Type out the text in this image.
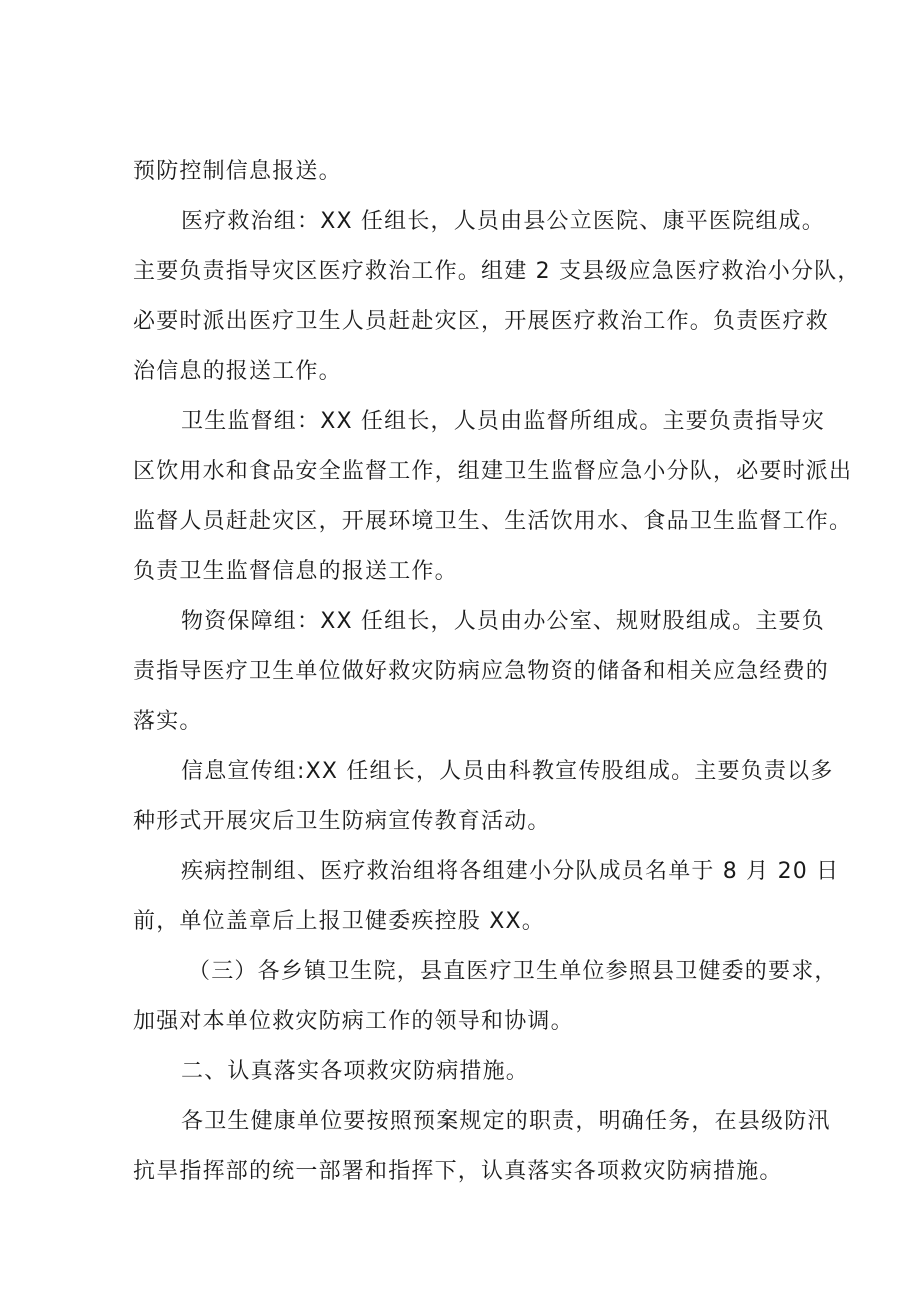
预防控制信息报送。
医疗救治组：XX 任组长，人员由县公立医院、康平医院组成。
主要负责指导灾区医疗救治工作。组建 2 支县级应急医疗救治小分队，
必要时派出医疗卫生人员赶赴灾区，开展医疗救治工作。负责医疗救
治信息的报送工作。
卫生监督组：XX 任组长，人员由监督所组成。主要负责指导灾
区饮用水和食品安全监督工作，组建卫生监督应急小分队，必要时派出
监督人员赶赴灾区，开展环境卫生、生活饮用水、食品卫生监督工作。
负责卫生监督信息的报送工作。
物资保障组：XX 任组长，人员由办公室、规财股组成。主要负
责指导医疗卫生单位做好救灾防病应急物资的储备和相关应急经费的
落实。
信息宣传组:XX 任组长，人员由科教宣传股组成。主要负责以多
种形式开展灾后卫生防病宣传教育活动。
疾病控制组、医疗救治组将各组建小分队成员名单于 8 月 20 日
前，单位盖章后上报卫健委疾控股 XX。
（三）各乡镇卫生院，县直医疗卫生单位参照县卫健委的要求，
加强对本单位救灾防病工作的领导和协调。
二、认真落实各项救灾防病措施。
各卫生健康单位要按照预案规定的职责，明确任务，在县级防汛
抗旱指挥部的统一部署和指挥下，认真落实各项救灾防病措施。
